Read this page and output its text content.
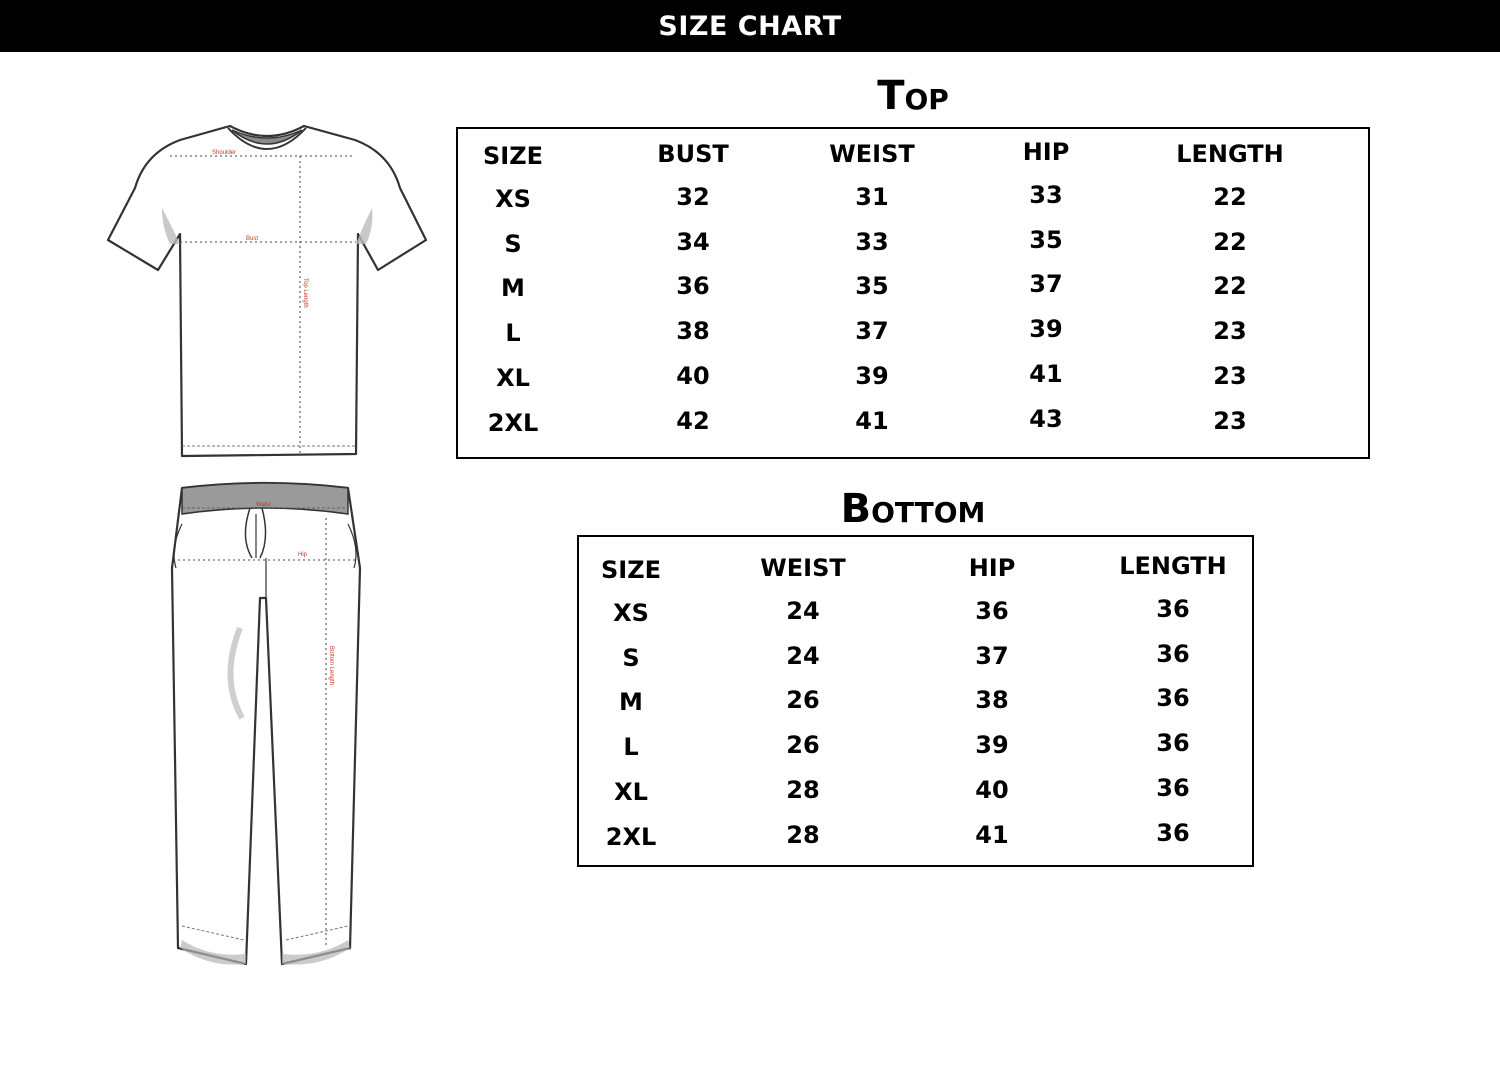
SIZE CHART
Shoulder
Bust
Top Length
Waist
Hip
Bottom Length
Top
SIZE	BUST	WEIST	HIP	LENGTH
XS	32	31	33	22
S	34	33	35	22
M	36	35	37	22
L	38	37	39	23
XL	40	39	41	23
2XL	42	41	43	23
Bottom
SIZE	WEIST	HIP	LENGTH
XS	24	36	36
S	24	37	36
M	26	38	36
L	26	39	36
XL	28	40	36
2XL	28	41	36
